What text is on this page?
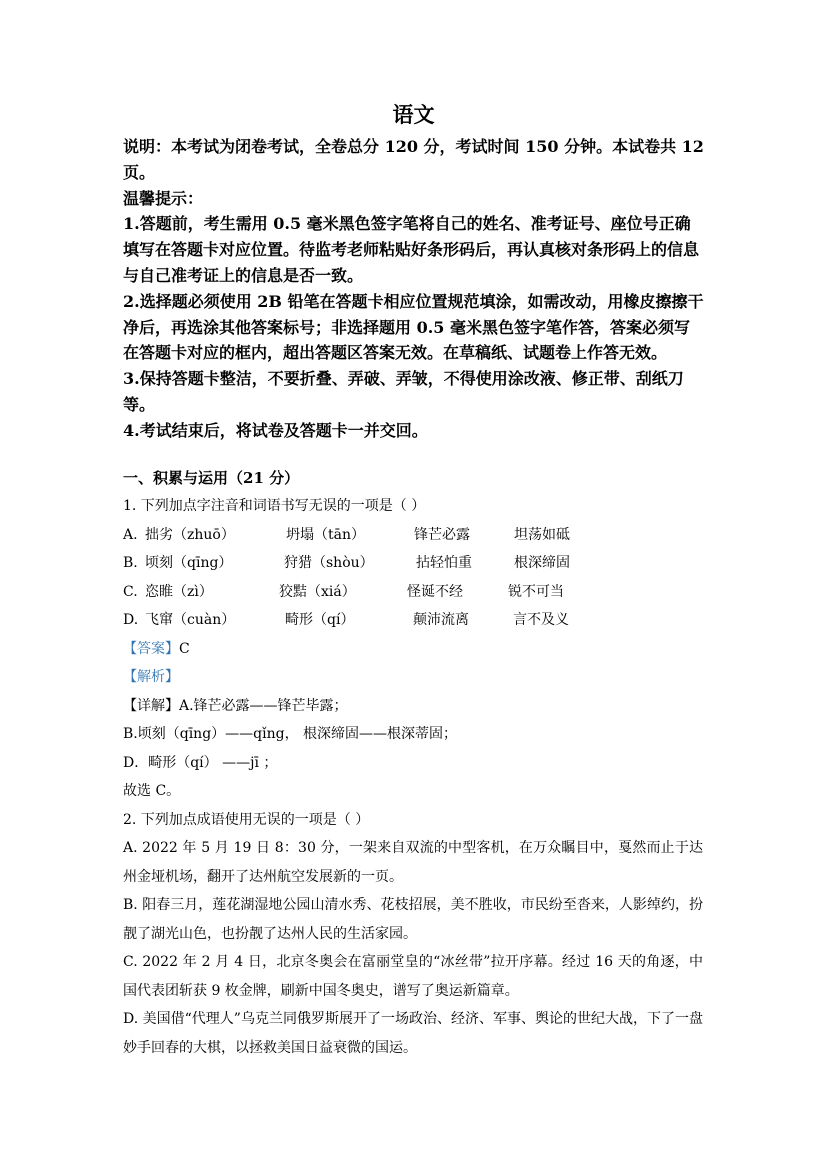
语文

说明：本考试为闭卷考试，全卷总分 120 分，考试时间 150 分钟。本试卷共 12 页。

温馨提示：

1.答题前，考生需用 0.5 毫米黑色签字笔将自己的姓名、准考证号、座位号正确填写在答题卡对应位置。待监考老师粘贴好条形码后，再认真核对条形码上的信息与自己准考证上的信息是否一致。

2.选择题必须使用 2B 铅笔在答题卡相应位置规范填涂，如需改动，用橡皮擦擦干净后，再选涂其他答案标号；非选择题用 0.5 毫米黑色签字笔作答，答案必须写在答题卡对应的框内，超出答题区答案无效。在草稿纸、试题卷上作答无效。

3.保持答题卡整洁，不要折叠、弄破、弄皱，不得使用涂改液、修正带、刮纸刀等。

4.考试结束后，将试卷及答题卡一并交回。

一、积累与运用（21 分）
1. 下列加点字注音和词语书写无误的一项是（ ）
A. 拙劣（zhuō）	坍塌（tān）	锋芒必露	坦荡如砥
B. 顷刻（qīng）	狩猎（shòu）	拈轻怕重	根深缔固
C. 恣睢（zì）	狡黠（xiá）	怪诞不经	锐不可当
D. 飞窜（cuàn）	畸形（qí）	颠沛流离	言不及义
【答案】C
【解析】
【详解】A.锋芒必露——锋芒毕露；
B.顷刻（qīng）——qǐng， 根深缔固——根深蒂固；
D．畸形（qí） ——jī ；
故选 C。
2. 下列加点成语使用无误的一项是（ ）
A. 2022 年 5 月 19 日 8：30 分，一架来自双流的中型客机，在万众瞩目中，戛然而止于达州金垭机场，翻开了达州航空发展新的一页。
B. 阳春三月，莲花湖湿地公园山清水秀、花枝招展，美不胜收，市民纷至沓来，人影绰约，扮靓了湖光山色，也扮靓了达州人民的生活家园。
C. 2022 年 2 月 4 日，北京冬奥会在富丽堂皇的“冰丝带”拉开序幕。经过 16 天的角逐，中国代表团斩获 9 枚金牌，刷新中国冬奥史，谱写了奥运新篇章。
D. 美国借“代理人”乌克兰同俄罗斯展开了一场政治、经济、军事、舆论的世纪大战，下了一盘妙手回春的大棋，以拯救美国日益衰微的国运。
